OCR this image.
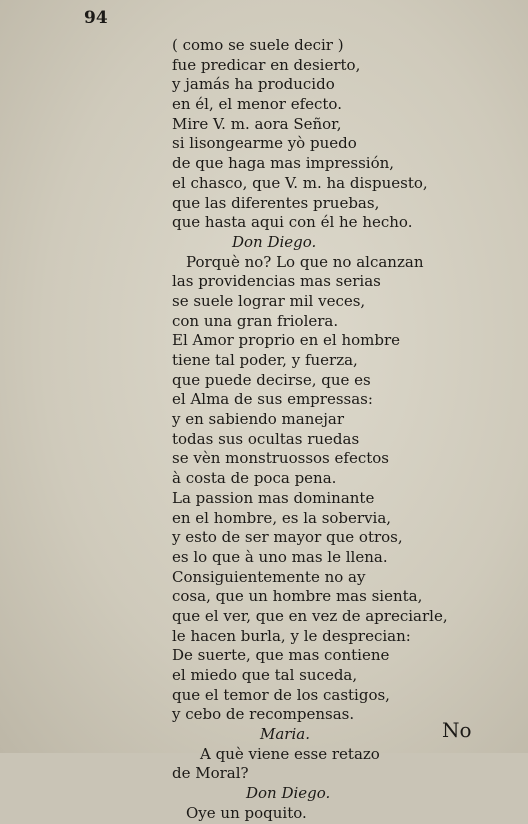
94
( como se suele decir )
fue predicar en desierto,
y jamás ha producido
en él, el menor efecto.
Mire V. m. aora Señor,
si lisongearme yò puedo
de que haga mas impressión,
el chasco, que V. m. ha dispuesto,
que las diferentes pruebas,
que hasta aqui con él he hecho.
Don Diego.
Porquè no? Lo que no alcanzan
las providencias mas serias
se suele lograr mil veces,
con una gran friolera.
El Amor proprio en el hombre
tiene tal poder, y fuerza,
que puede decirse, que es
el Alma de sus empressas:
y en sabiendo manejar
todas sus ocultas ruedas
se vèn monstruossos efectos
à costa de poca pena.
La passion mas dominante
en el hombre, es la sobervia,
y esto de ser mayor que otros,
es lo que à uno mas le llena.
Consiguientemente no ay
cosa, que un hombre mas sienta,
que el ver, que en vez de apreciarle,
le hacen burla, y le desprecian:
De suerte, que mas contiene
el miedo que tal suceda,
que el temor de los castigos,
y cebo de recompensas.
Maria.
A què viene esse retazo
de Moral?
Don Diego.
Oye un poquito.
No
